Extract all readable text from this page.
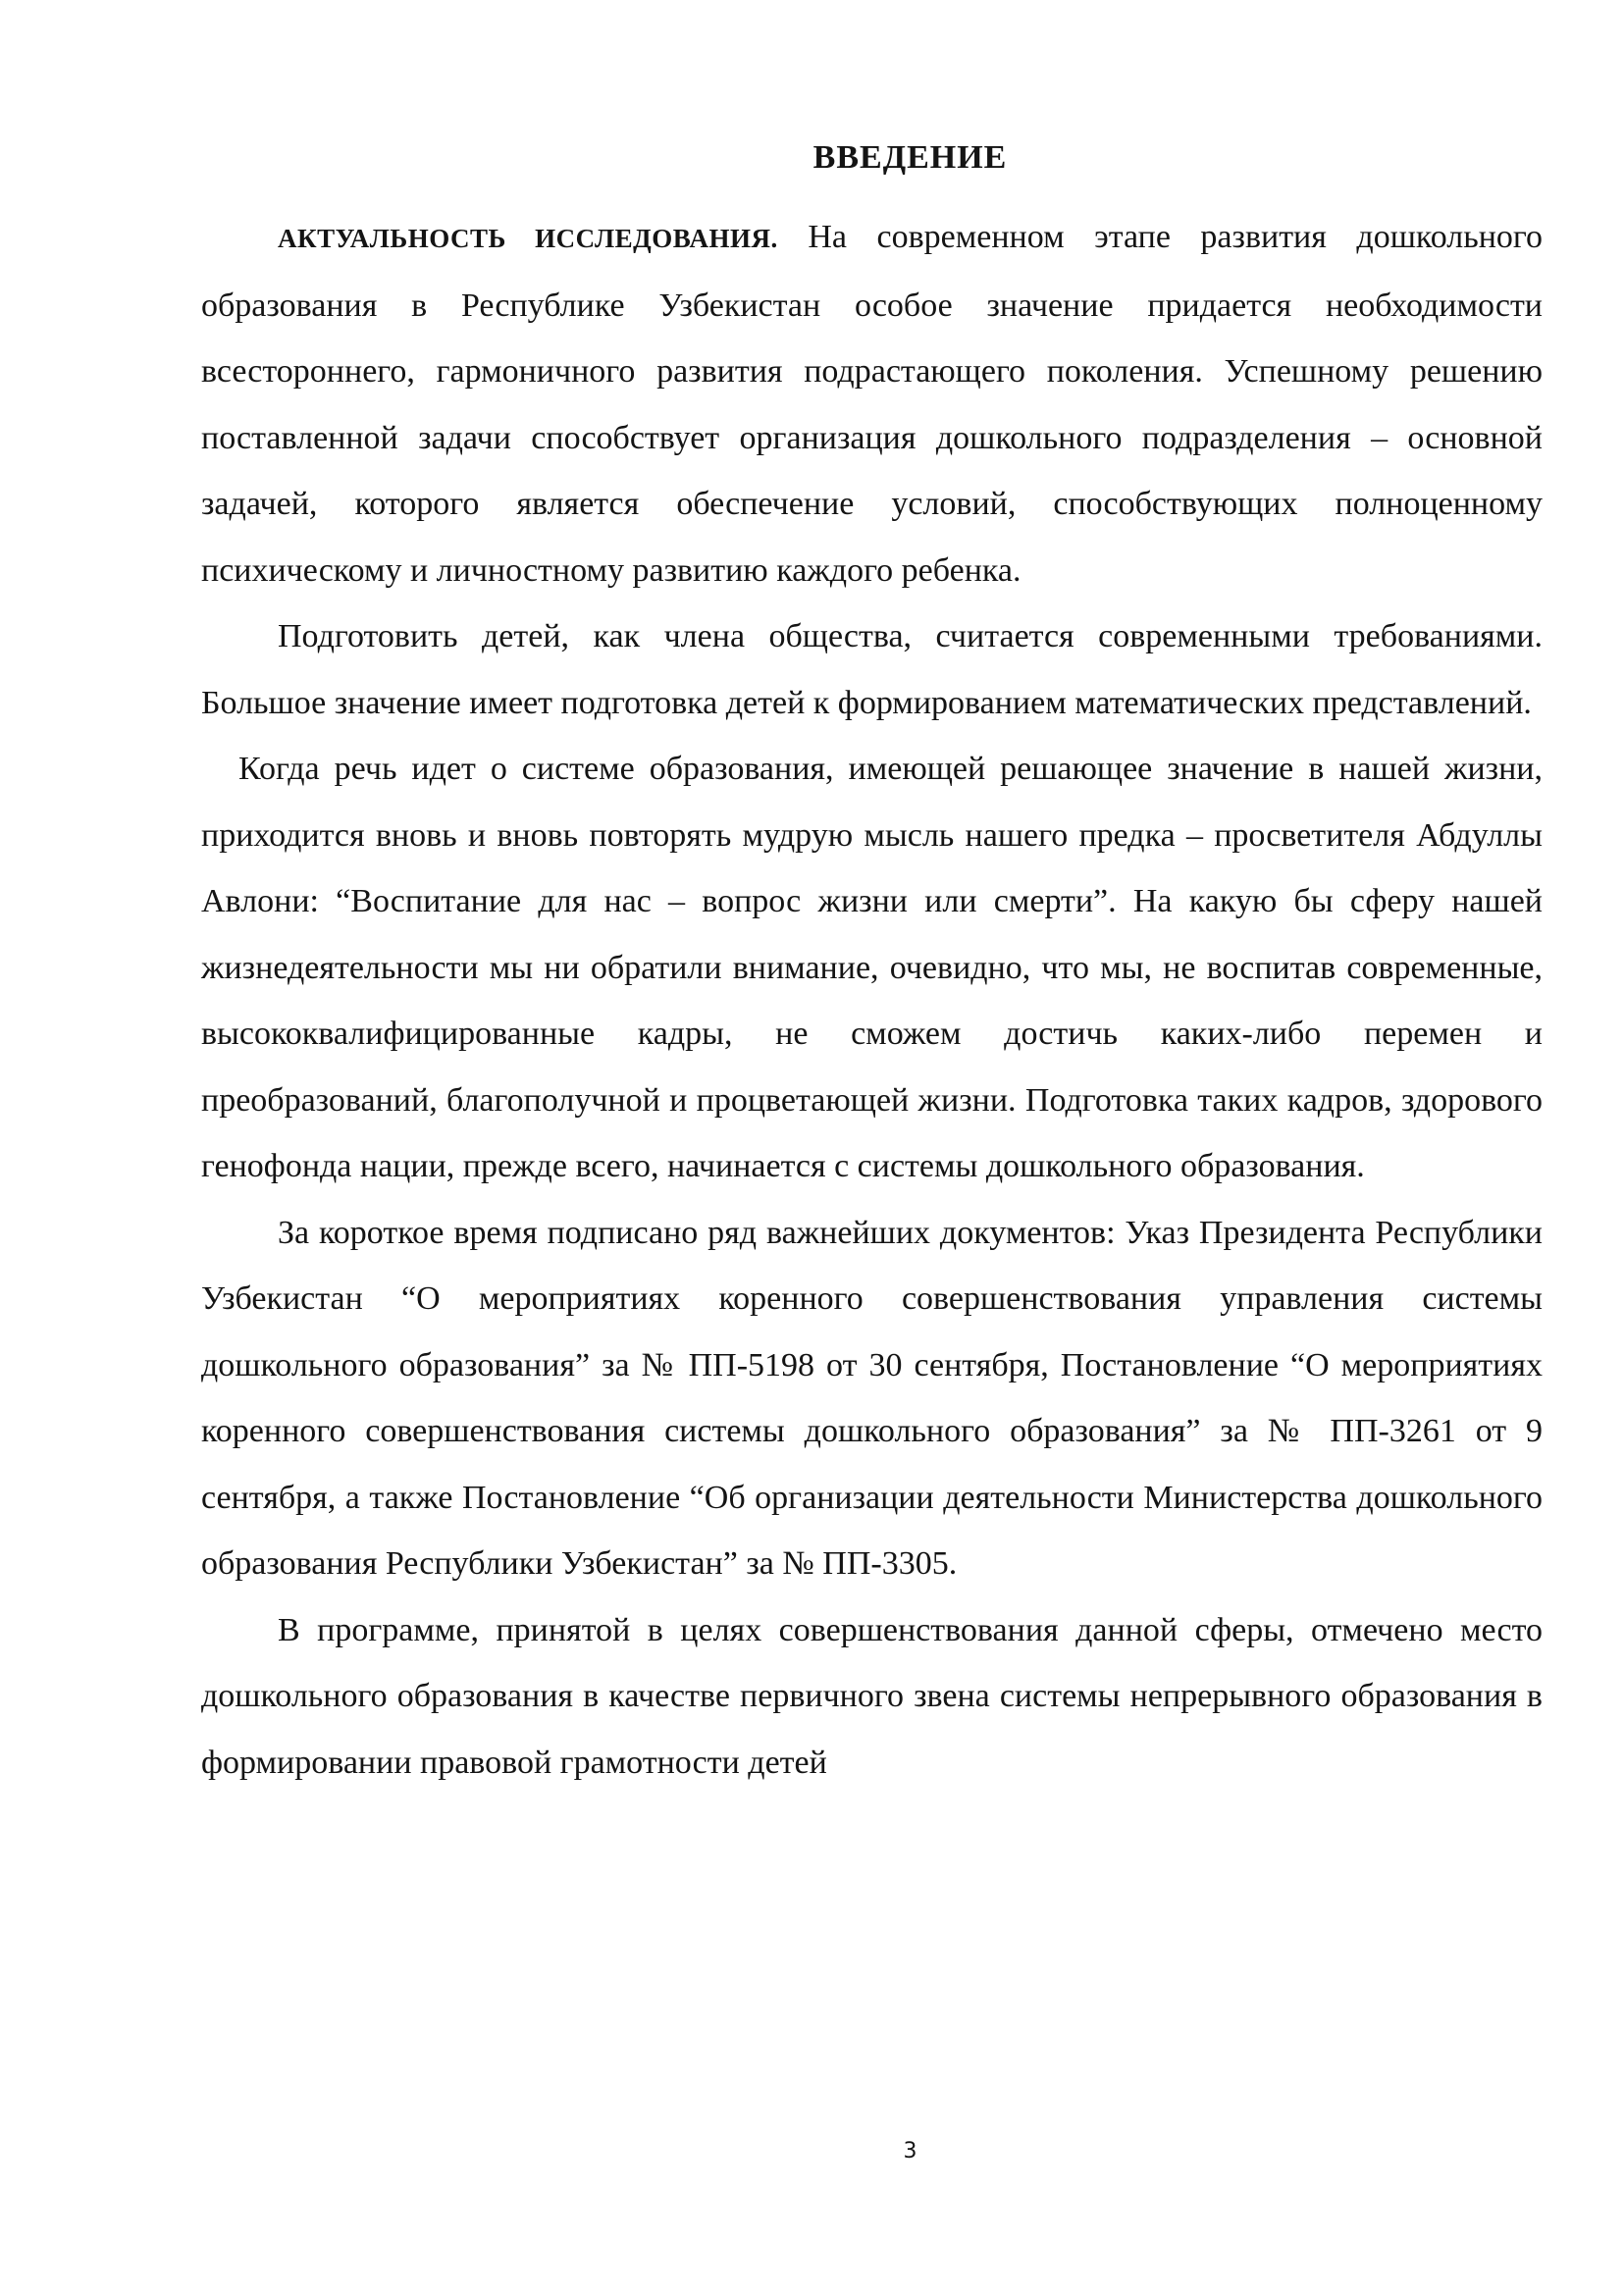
ВВЕДЕНИЕ

АКТУАЛЬНОСТЬ ИССЛЕДОВАНИЯ. На современном этапе развития дошкольного образования в Республике Узбекистан особое значение придается необходимости всестороннего, гармоничного развития подрастающего поколения. Успешному решению поставленной задачи способствует организация дошкольного подразделения – основной задачей, которого является обеспечение условий, способствующих полноценному психическому и личностному развитию каждого ребенка.

Подготовить детей, как члена общества, считается современными требованиями. Большое значение имеет подготовка детей к формированием математических представлений.

Когда речь идет о системе образования, имеющей решающее значение в нашей жизни, приходится вновь и вновь повторять мудрую мысль нашего предка – просветителя Абдуллы Авлони: “Воспитание для нас – вопрос жизни или смерти”. На какую бы сферу нашей жизнедеятельности мы ни обратили внимание, очевидно, что мы, не воспитав современные, высококвалифицированные кадры, не сможем достичь каких-либо перемен и преобразований, благополучной и процветающей жизни. Подготовка таких кадров, здорового генофонда нации, прежде всего, начинается с системы дошкольного образования.

За короткое время подписано ряд важнейших документов: Указ Президента Республики Узбекистан “О мероприятиях коренного совершенствования управления системы дошкольного образования” за № ПП-5198 от 30 сентября, Постановление “О мероприятиях коренного совершенствования системы дошкольного образования” за № ПП-3261 от 9 сентября, а также Постановление “Об организации деятельности Министерства дошкольного образования Республики Узбекистан” за № ПП-3305.

В программе, принятой в целях совершенствования данной сферы, отмечено место дошкольного образования в качестве первичного звена системы непрерывного образования в формировании правовой грамотности детей

3
